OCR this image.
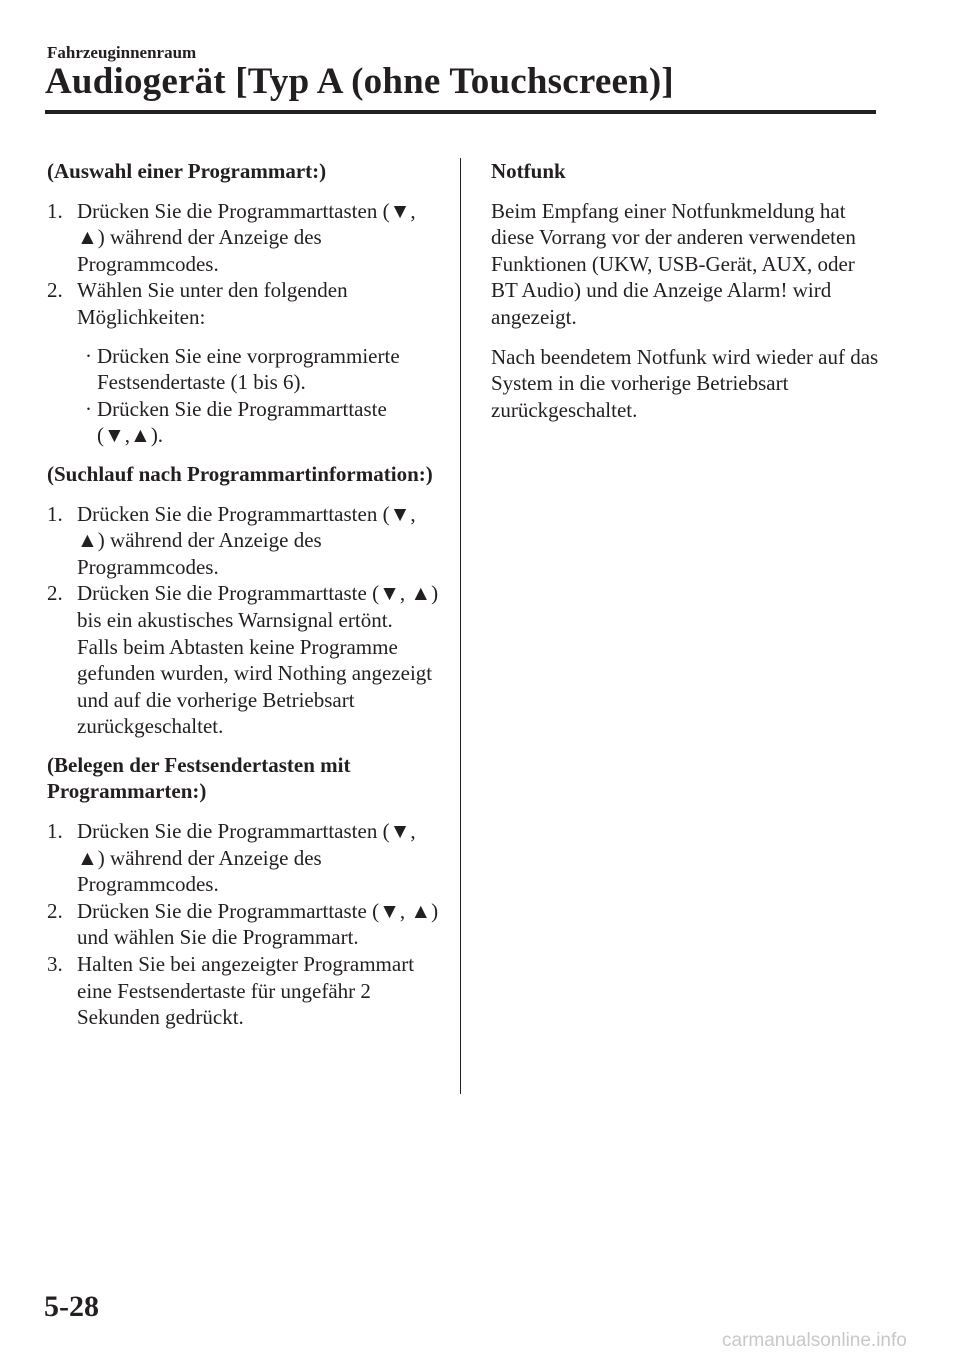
Fahrzeuginnenraum
Audiogerät [Typ A (ohne Touchscreen)]
(Auswahl einer Programmart:)
1. Drücken Sie die Programmarttasten (▼, ▲) während der Anzeige des Programmcodes.
2. Wählen Sie unter den folgenden Möglichkeiten:
· Drücken Sie eine vorprogrammierte Festsendertaste (1 bis 6).
· Drücken Sie die Programmarttaste (▼,▲).
(Suchlauf nach Programmartinformation:)
1. Drücken Sie die Programmarttasten (▼, ▲) während der Anzeige des Programmcodes.
2. Drücken Sie die Programmarttaste (▼, ▲) bis ein akustisches Warnsignal ertönt.
Falls beim Abtasten keine Programme gefunden wurden, wird Nothing angezeigt und auf die vorherige Betriebsart zurückgeschaltet.
(Belegen der Festsendertasten mit Programmarten:)
1. Drücken Sie die Programmarttasten (▼, ▲) während der Anzeige des Programmcodes.
2. Drücken Sie die Programmarttaste (▼, ▲) und wählen Sie die Programmart.
3. Halten Sie bei angezeigter Programmart eine Festsendertaste für ungefähr 2 Sekunden gedrückt.
Notfunk

Beim Empfang einer Notfunkmeldung hat diese Vorrang vor der anderen verwendeten Funktionen (UKW, USB-Gerät, AUX, oder BT Audio) und die Anzeige Alarm! wird angezeigt.

Nach beendetem Notfunk wird wieder auf das System in die vorherige Betriebsart zurückgeschaltet.

5-28
carmanualsonline.info
